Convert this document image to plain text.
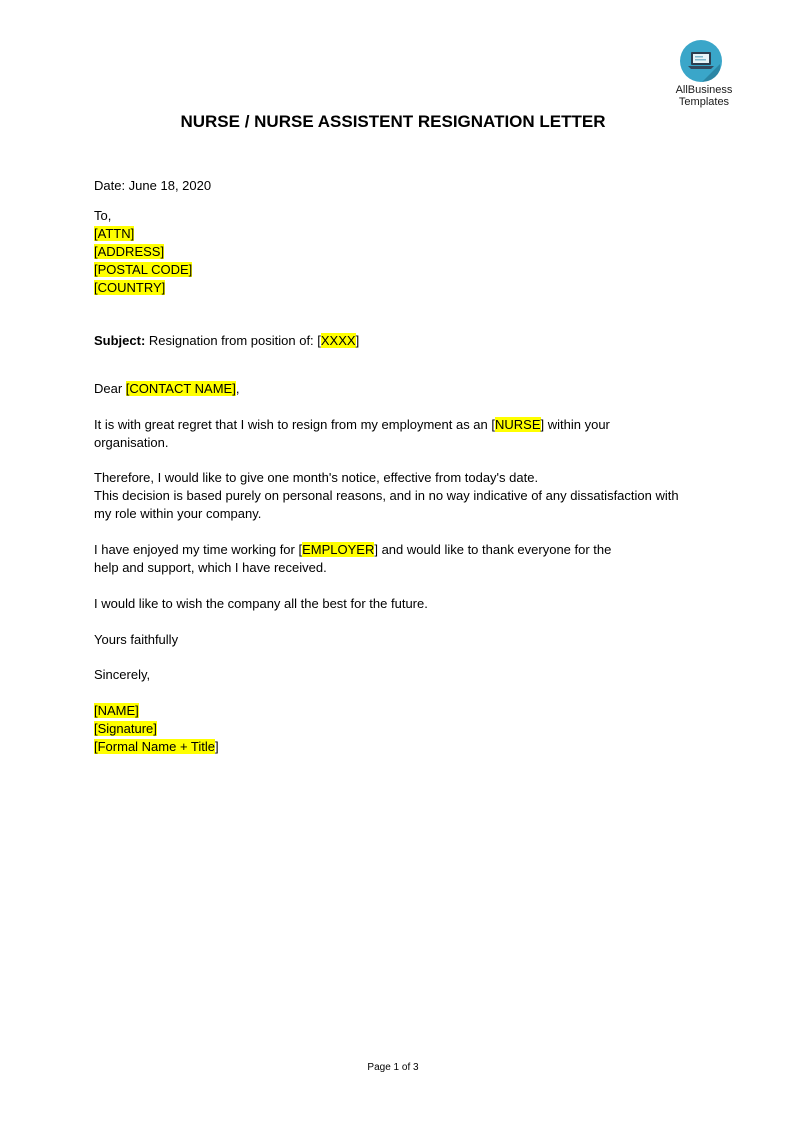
AllBusiness
Templates
NURSE / NURSE ASSISTENT RESIGNATION LETTER
Date: June 18, 2020
To,
[ATTN]
[ADDRESS]
[POSTAL CODE]
[COUNTRY]
Subject: Resignation from position of: [XXXX]
Dear [CONTACT NAME],
It is with great regret that I wish to resign from my employment as an [NURSE] within your
organisation.
Therefore, I would like to give one month's notice, effective from today's date.
This decision is based purely on personal reasons, and in no way indicative of any dissatisfaction with
my role within your company.
I have enjoyed my time working for [EMPLOYER] and would like to thank everyone for the
help and support, which I have received.
I would like to wish the company all the best for the future.
Yours faithfully
Sincerely,
[NAME]
[Signature]
[Formal Name + Title]
Page 1 of 3
